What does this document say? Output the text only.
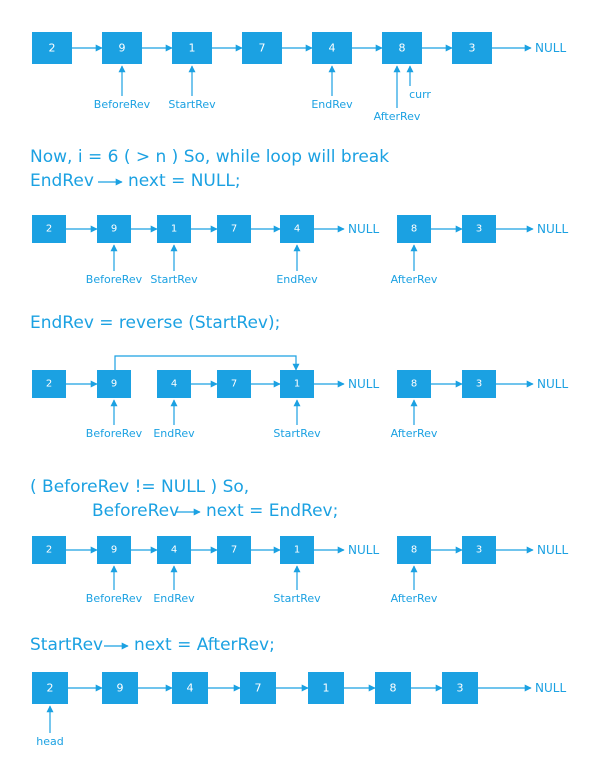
2	9	1	7	4	8	3	NULL
BeforeRev StartRev	EndRev
AfterRev
curr
2	9	1	7	4	NULL	8	3	NULL
BeforeRev StartRev	EndRev	AfterRev
2	9	4	7	1	NULL	8	3	NULL
BeforeRev EndRev	StartRev	AfterRev
2	9	4	7	1	NULL	8	3	NULL
BeforeRev EndRev	StartRev	AfterRev
2	9	4	7	1	8	3	NULL
head
Now, i = 6 ( > n ) So, while loop will break
EndRev next = NULL;
EndRev = reverse (StartRev);
( BeforeRev != NULL ) So,
BeforeRev next = EndRev;
StartRev next = AfterRev;
